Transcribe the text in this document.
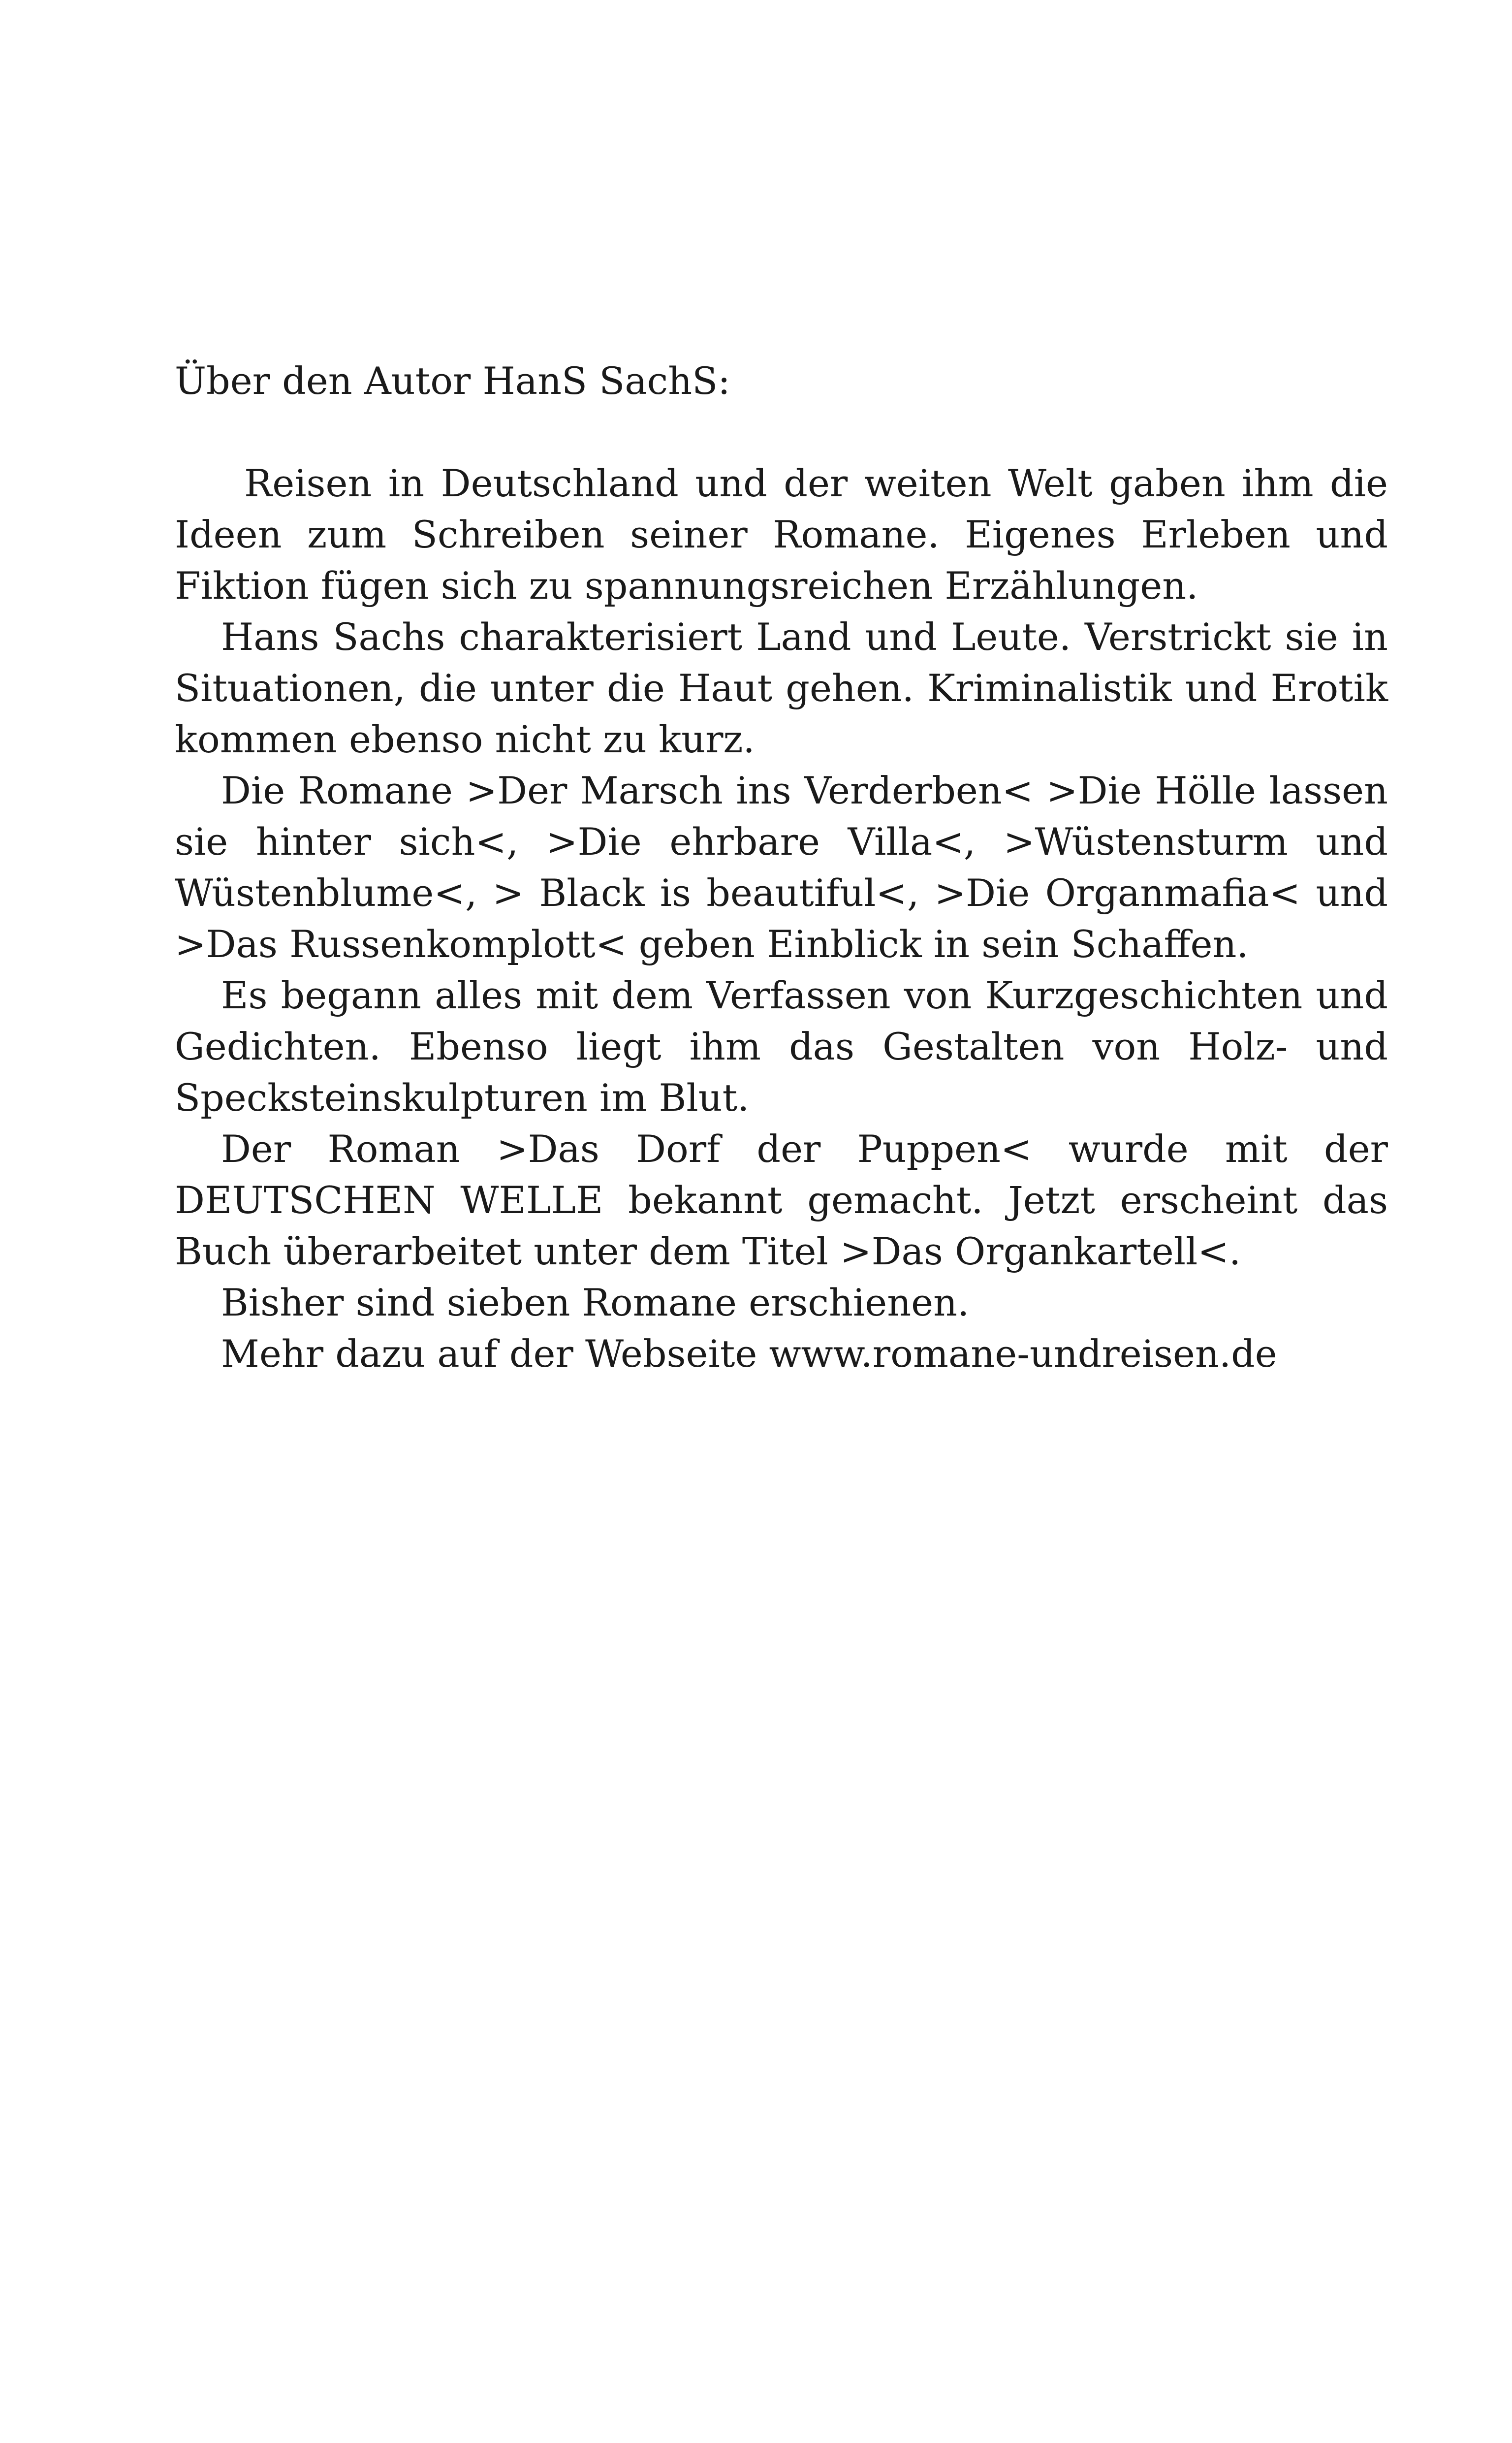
Über den Autor HanS SachS:

Reisen in Deutschland und der weiten Welt gaben ihm die Ideen zum Schreiben seiner Romane. Eigenes Erleben und Fiktion fügen sich zu spannungsreichen Erzählungen.

Hans Sachs charakterisiert Land und Leute. Verstrickt sie in Situationen, die unter die Haut gehen. Kriminalistik und Erotik kommen ebenso nicht zu kurz.

Die Romane >Der Marsch ins Verderben< >Die Hölle lassen sie hinter sich<, >Die ehrbare Villa<, >Wüstensturm und Wüstenblume<, > Black is beautiful<, >Die Organmafia< und >Das Russenkomplott< geben Einblick in sein Schaffen.

Es begann alles mit dem Verfassen von Kurzgeschichten und Gedichten. Ebenso liegt ihm das Gestalten von Holz- und Specksteinskulpturen im Blut.

Der Roman >Das Dorf der Puppen< wurde mit der DEUTSCHEN WELLE bekannt gemacht. Jetzt erscheint das Buch überarbeitet unter dem Titel >Das Organkartell<.

Bisher sind sieben Romane erschienen.

Mehr dazu auf der Webseite www.romane-undreisen.de
